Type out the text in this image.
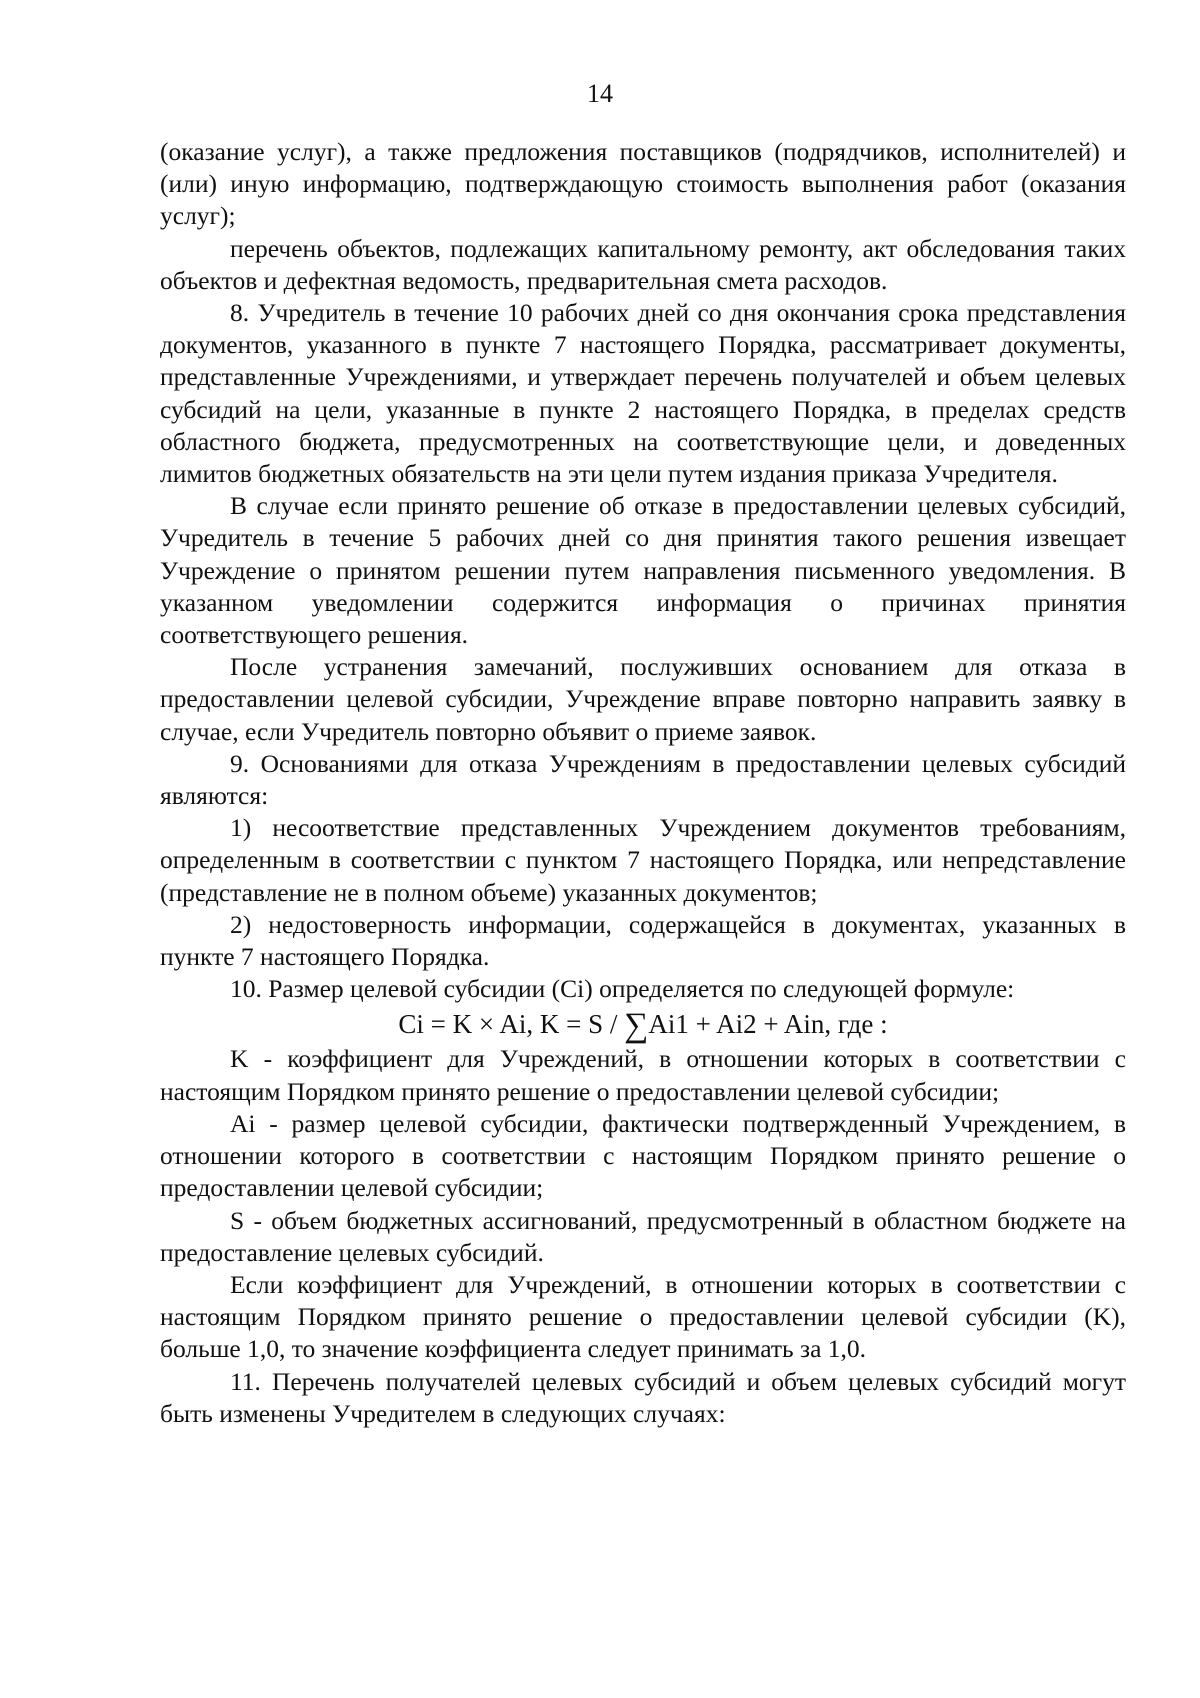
14

(оказание услуг), а также предложения поставщиков (подрядчиков, исполнителей) и (или) иную информацию, подтверждающую стоимость выполнения работ (оказания услуг);

перечень объектов, подлежащих капитальному ремонту, акт обследования таких объектов и дефектная ведомость, предварительная смета расходов.

8. Учредитель в течение 10 рабочих дней со дня окончания срока представления документов, указанного в пункте 7 настоящего Порядка, рассматривает документы, представленные Учреждениями, и утверждает перечень получателей и объем целевых субсидий на цели, указанные в пункте 2 настоящего Порядка, в пределах средств областного бюджета, предусмотренных на соответствующие цели, и доведенных лимитов бюджетных обязательств на эти цели путем издания приказа Учредителя.

В случае если принято решение об отказе в предоставлении целевых субсидий, Учредитель в течение 5 рабочих дней со дня принятия такого решения извещает Учреждение о принятом решении путем направления письменного уведомления. В указанном уведомлении содержится информация о причинах принятия соответствующего решения.

После устранения замечаний, послуживших основанием для отказа в предоставлении целевой субсидии, Учреждение вправе повторно направить заявку в случае, если Учредитель повторно объявит о приеме заявок.

9. Основаниями для отказа Учреждениям в предоставлении целевых субсидий являются:

1) несоответствие представленных Учреждением документов требованиям, определенным в соответствии с пунктом 7 настоящего Порядка, или непредставление (представление не в полном объеме) указанных документов;

2) недостоверность информации, содержащейся в документах, указанных в пункте 7 настоящего Порядка.

10. Размер целевой субсидии (Ci) определяется по следующей формуле:

Ci = K × Ai, K = S / ∑Ai1 + Ai2 + Ain, где :

K - коэффициент для Учреждений, в отношении которых в соответствии с настоящим Порядком принято решение о предоставлении целевой субсидии;

Ai - размер целевой субсидии, фактически подтвержденный Учреждением, в отношении которого в соответствии с настоящим Порядком принято решение о предоставлении целевой субсидии;

S - объем бюджетных ассигнований, предусмотренный в областном бюджете на предоставление целевых субсидий.

Если коэффициент для Учреждений, в отношении которых в соответствии с настоящим Порядком принято решение о предоставлении целевой субсидии (K), больше 1,0, то значение коэффициента следует принимать за 1,0.

11. Перечень получателей целевых субсидий и объем целевых субсидий могут быть изменены Учредителем в следующих случаях:
